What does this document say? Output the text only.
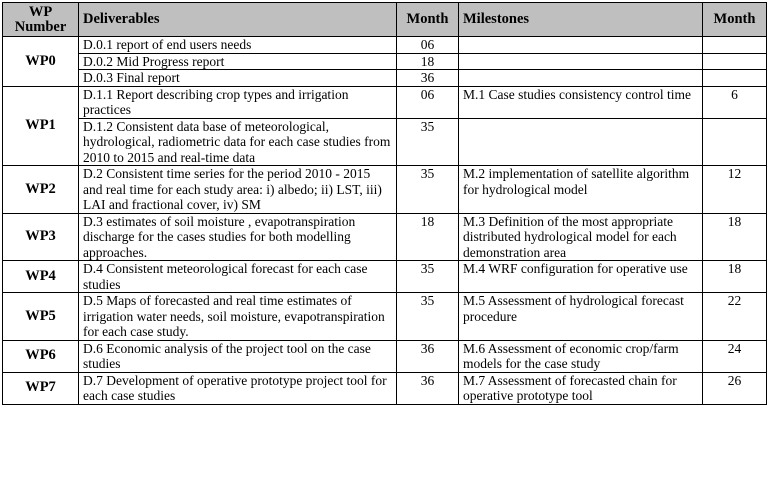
WP
Number	Deliverables	Month	Milestones	Month
WP0	D.0.1 report of end users needs	06		
	D.0.2 Mid Progress report	18		
	D.0.3 Final report	36		
WP1	D.1.1 Report describing crop types and irrigation practices	06	M.1 Case studies consistency control time	6
	D.1.2 Consistent data base of meteorological, hydrological, radiometric data for each case studies from 2010 to 2015 and real-time data	35		
WP2	D.2 Consistent time series for the period 2010 - 2015 and real time for each study area: i) albedo; ii) LST, iii) LAI and fractional cover, iv) SM	35	M.2 implementation of satellite algorithm for hydrological model	12
WP3	D.3 estimates of soil moisture , evapotranspiration discharge for the cases studies for both modelling approaches.	18	M.3 Definition of the most appropriate distributed hydrological model for each demonstration area	18
WP4	D.4 Consistent meteorological forecast for each case studies	35	M.4 WRF configuration for operative use	18
WP5	D.5 Maps of forecasted and real time estimates of irrigation water needs, soil moisture, evapotranspiration for each case study.	35	M.5 Assessment of hydrological forecast procedure	22
WP6	D.6 Economic analysis of the project tool on the case studies	36	M.6 Assessment of economic crop/farm models for the case study	24
WP7	D.7 Development of operative prototype project tool for each case studies	36	M.7 Assessment of forecasted chain for operative prototype tool	26
